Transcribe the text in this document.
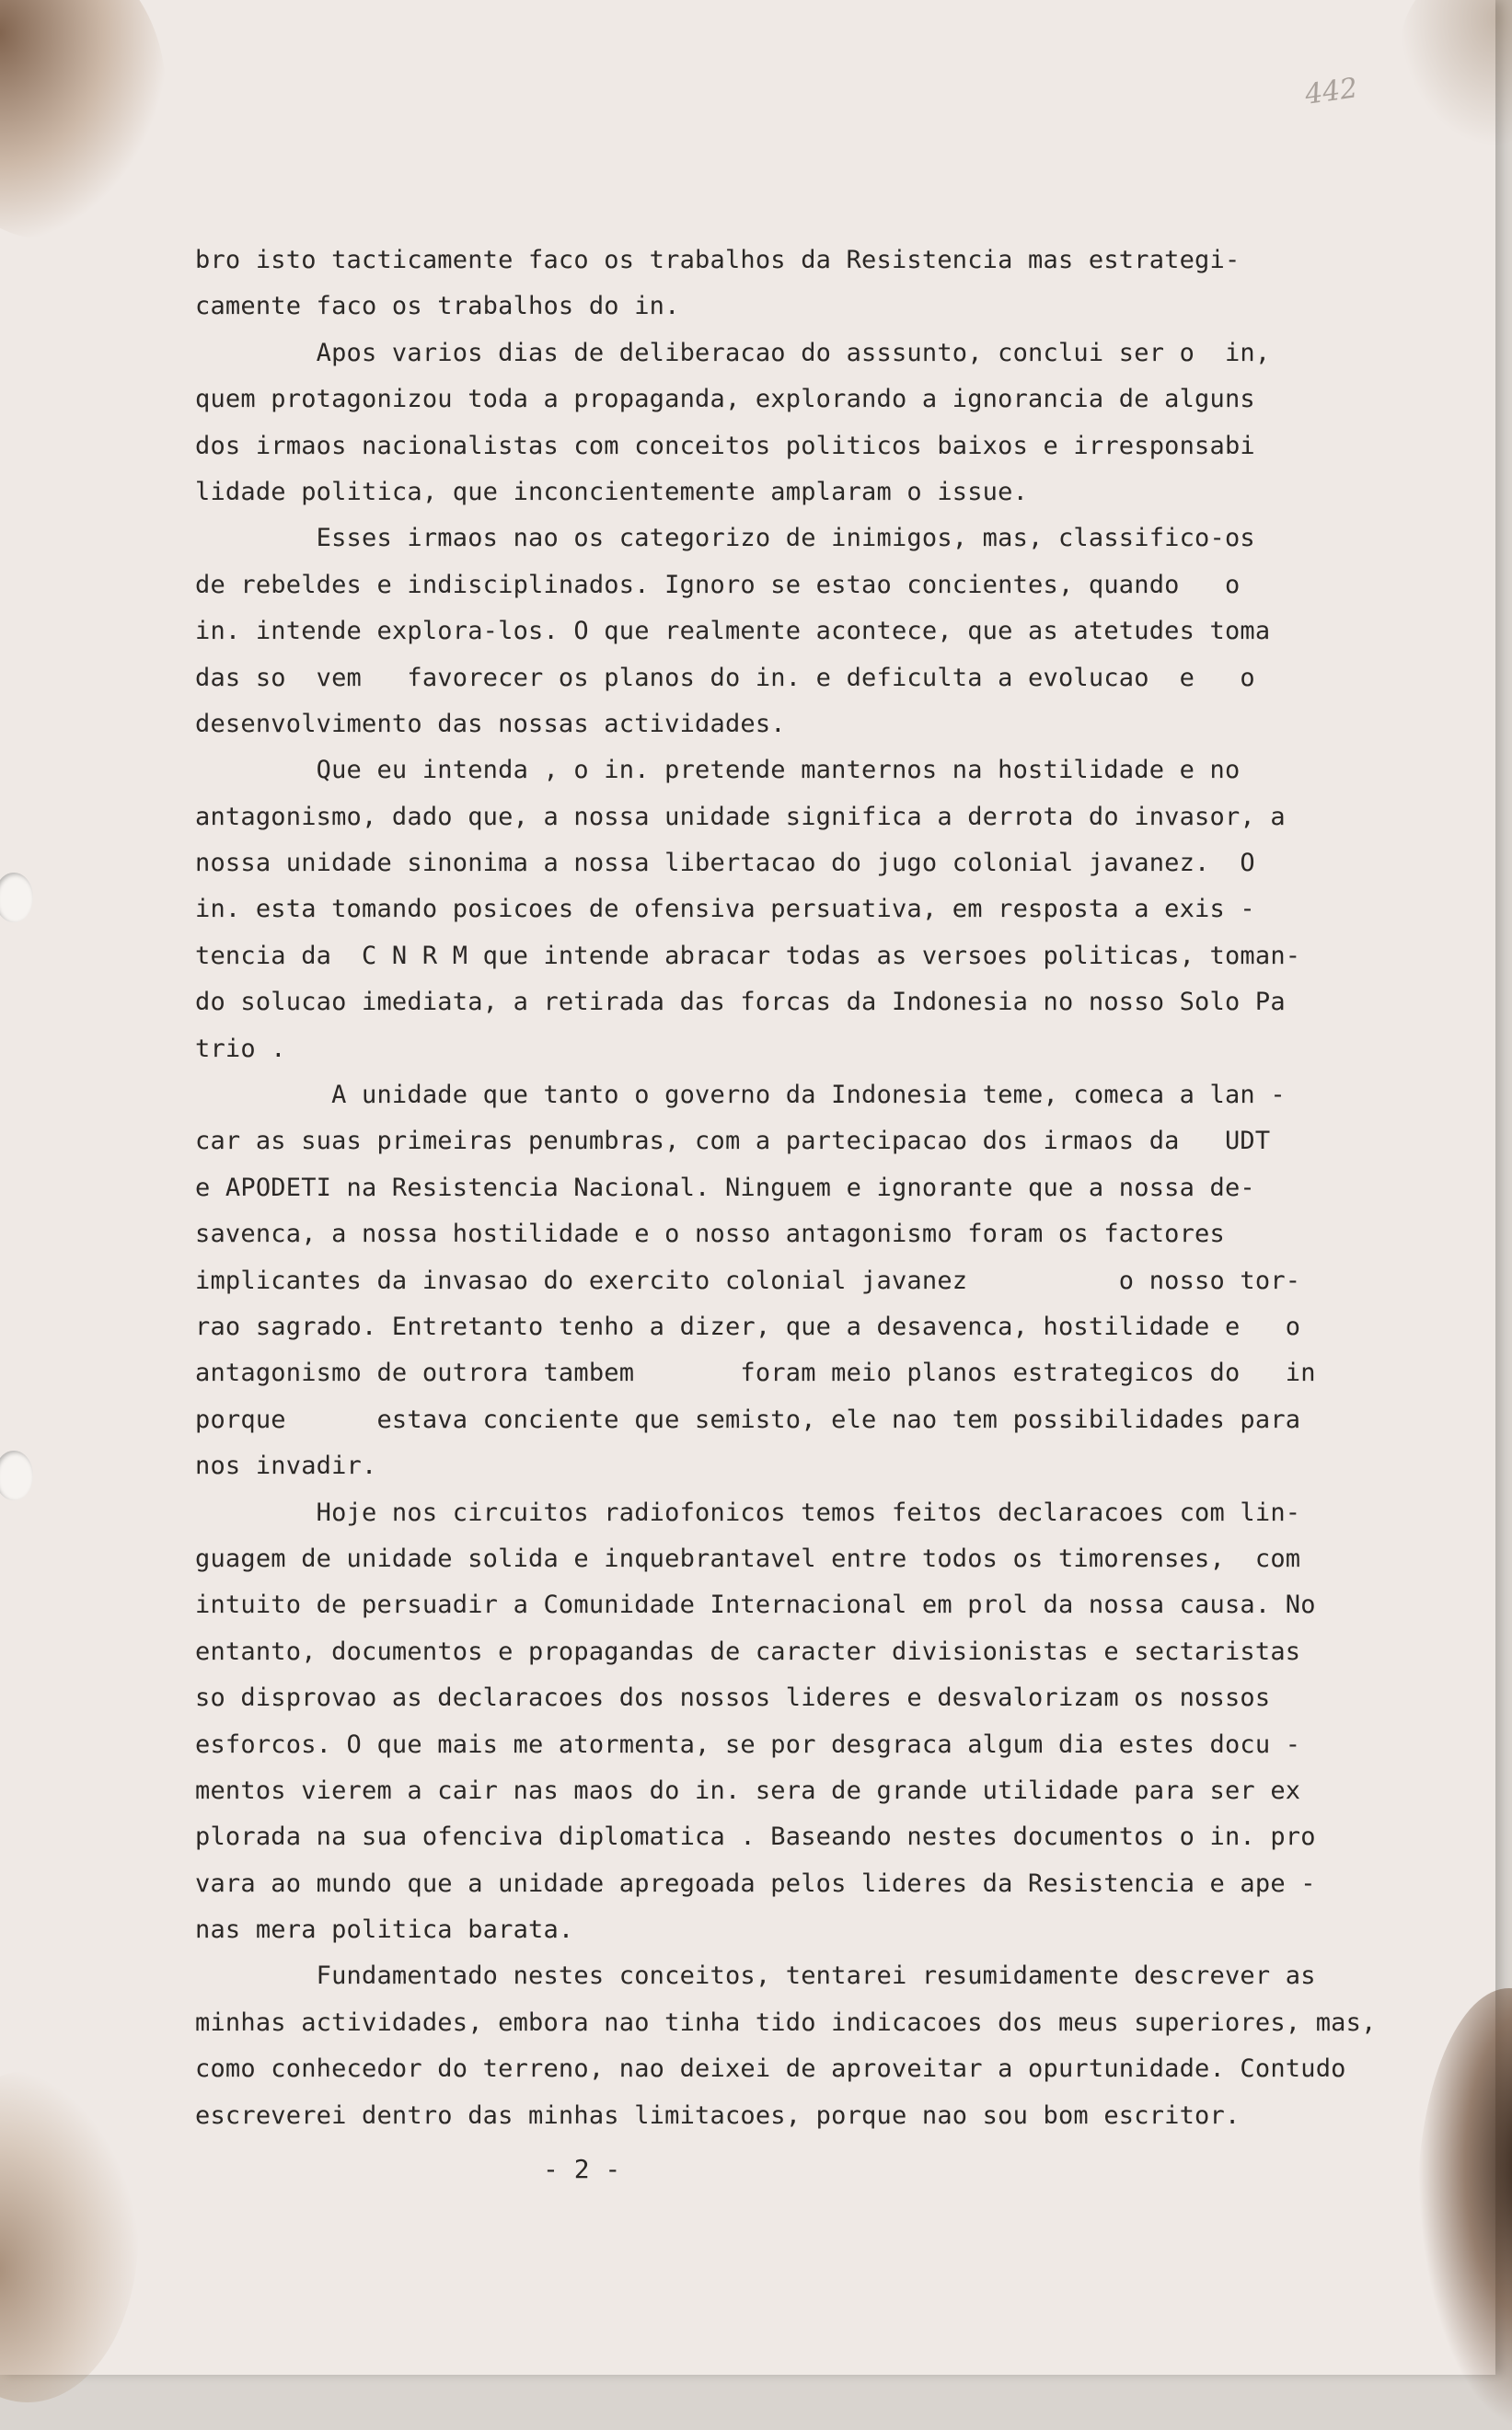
442
bro isto tacticamente faco os trabalhos da Resistencia mas estrategi-
camente faco os trabalhos do in.
Apos varios dias de deliberacao do asssunto, conclui ser o  in,
quem protagonizou toda a propaganda, explorando a ignorancia de alguns
dos irmaos nacionalistas com conceitos politicos baixos e irresponsabi
lidade politica, que inconcientemente amplaram o issue.
Esses irmaos nao os categorizo de inimigos, mas, classifico-os
de rebeldes e indisciplinados. Ignoro se estao concientes, quando   o
in. intende explora-los. O que realmente acontece, que as atetudes toma
das so  vem   favorecer os planos do in. e deficulta a evolucao  e   o
desenvolvimento das nossas actividades.
Que eu intenda , o in. pretende manternos na hostilidade e no
antagonismo, dado que, a nossa unidade significa a derrota do invasor, a
nossa unidade sinonima a nossa libertacao do jugo colonial javanez.  O
in. esta tomando posicoes de ofensiva persuativa, em resposta a exis -
tencia da  C N R M que intende abracar todas as versoes politicas, toman-
do solucao imediata, a retirada das forcas da Indonesia no nosso Solo Pa
trio .
A unidade que tanto o governo da Indonesia teme, comeca a lan -
car as suas primeiras penumbras, com a partecipacao dos irmaos da   UDT
e APODETI na Resistencia Nacional. Ninguem e ignorante que a nossa de-
savenca, a nossa hostilidade e o nosso antagonismo foram os factores
implicantes da invasao do exercito colonial javanez          o nosso tor-
rao sagrado. Entretanto tenho a dizer, que a desavenca, hostilidade e   o
antagonismo de outrora tambem       foram meio planos estrategicos do   in
porque      estava conciente que semisto, ele nao tem possibilidades para
nos invadir.
Hoje nos circuitos radiofonicos temos feitos declaracoes com lin-
guagem de unidade solida e inquebrantavel entre todos os timorenses,  com
intuito de persuadir a Comunidade Internacional em prol da nossa causa. No
entanto, documentos e propagandas de caracter divisionistas e sectaristas
so disprovao as declaracoes dos nossos lideres e desvalorizam os nossos
esforcos. O que mais me atormenta, se por desgraca algum dia estes docu -
mentos vierem a cair nas maos do in. sera de grande utilidade para ser ex
plorada na sua ofenciva diplomatica . Baseando nestes documentos o in. pro
vara ao mundo que a unidade apregoada pelos lideres da Resistencia e ape -
nas mera politica barata.
Fundamentado nestes conceitos, tentarei resumidamente descrever as
minhas actividades, embora nao tinha tido indicacoes dos meus superiores, mas,
como conhecedor do terreno, nao deixei de aproveitar a opurtunidade. Contudo
escreverei dentro das minhas limitacoes, porque nao sou bom escritor.
- 2 -
